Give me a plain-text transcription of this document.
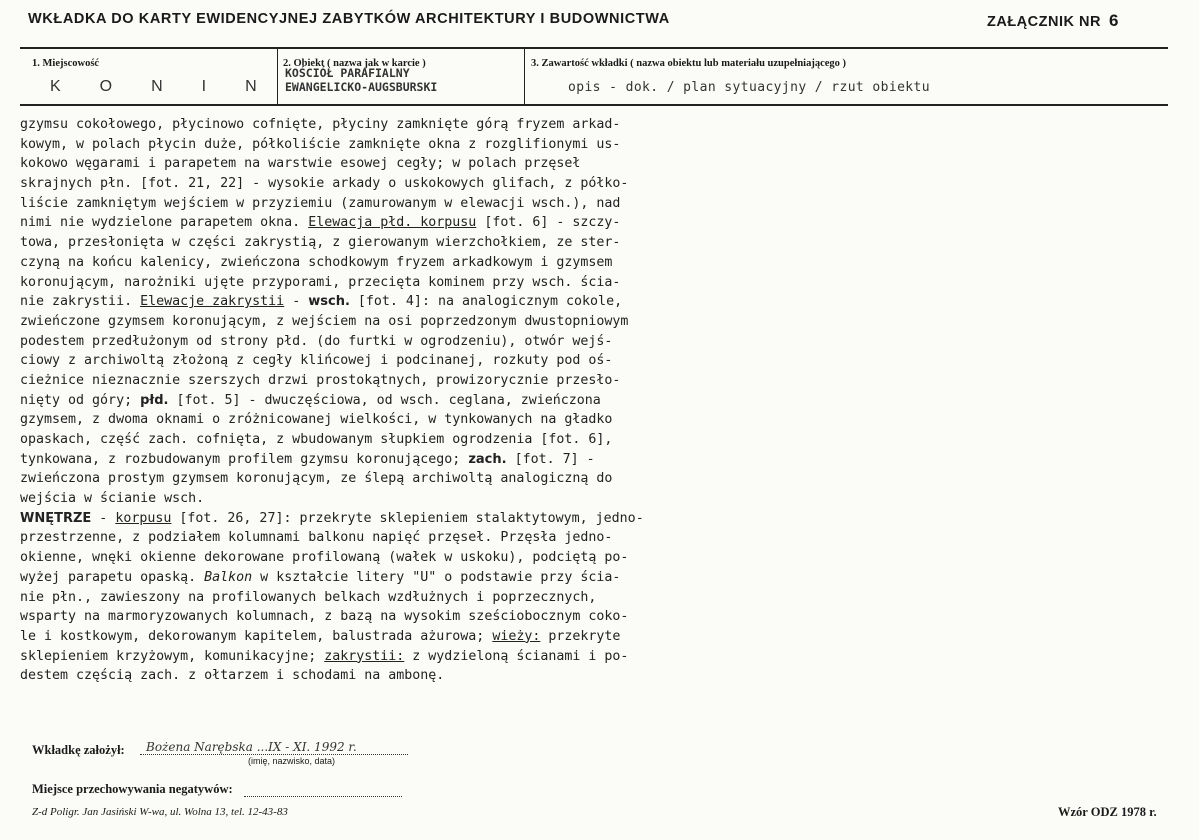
WKŁADKA DO KARTY EWIDENCYJNEJ ZABYTKÓW ARCHITEKTURY I BUDOWNICTWA	ZAŁĄCZNIK NR 6
1. Miejscowość
KONIN
2. Obiekt ( nazwa jak w karcie )
KOŚCIÓŁ PARAFIALNY
EWANGELICKO-AUGSBURSKI
3. Zawartość wkładki ( nazwa obiektu lub materiału uzupełniającego )
opis - dok. / plan sytuacyjny / rzut obiektu
gzymsu cokołowego, płycinowo cofnięte, płyciny zamknięte górą fryzem arkad-
kowym, w polach płycin duże, półkoliście zamknięte okna z rozglifionymi us-
kokowo węgarami i parapetem na warstwie esowej cegły; w polach przęseł
skrajnych płn. [fot. 21, 22] - wysokie arkady o uskokowych glifach, z półko-
liście zamkniętym wejściem w przyziemiu (zamurowanym w elewacji wsch.), nad
nimi nie wydzielone parapetem okna. Elewacja płd. korpusu [fot. 6] - szczy-
towa, przesłonięta w części zakrystią, z gierowanym wierzchołkiem, ze ster-
czyną na końcu kalenicy, zwieńczona schodkowym fryzem arkadkowym i gzymsem
koronującym, narożniki ujęte przyporami, przecięta kominem przy wsch. ścia-
nie zakrystii. Elewacje zakrystii - wsch. [fot. 4]: na analogicznym cokole,
zwieńczone gzymsem koronującym, z wejściem na osi poprzedzonym dwustopniowym
podestem przedłużonym od strony płd. (do furtki w ogrodzeniu), otwór wejś-
ciowy z archiwoltą złożoną z cegły klińcowej i podcinanej, rozkuty pod oś-
cieżnice nieznacznie szerszych drzwi prostokątnych, prowizorycznie przesło-
nięty od góry; płd. [fot. 5] - dwuczęściowa, od wsch. ceglana, zwieńczona
gzymsem, z dwoma oknami o zróżnicowanej wielkości, w tynkowanych na gładko
opaskach, część zach. cofnięta, z wbudowanym słupkiem ogrodzenia [fot. 6],
tynkowana, z rozbudowanym profilem gzymsu koronującego; zach. [fot. 7] -
zwieńczona prostym gzymsem koronującym, ze ślepą archiwoltą analogiczną do
wejścia w ścianie wsch.
WNĘTRZE - korpusu [fot. 26, 27]: przekryte sklepieniem stalaktytowym, jedno-
przestrzenne, z podziałem kolumnami balkonu napięć przęseł. Przęsła jedno-
okienne, wnęki okienne dekorowane profilowaną (wałek w uskoku), podciętą po-
wyżej parapetu opaską. Balkon w kształcie litery "U" o podstawie przy ścia-
nie płn., zawieszony na profilowanych belkach wzdłużnych i poprzecznych,
wsparty na marmoryzowanych kolumnach, z bazą na wysokim sześciobocznym coko-
le i kostkowym, dekorowanym kapitelem, balustrada ażurowa; wieży: przekryte
sklepieniem krzyżowym, komunikacyjne; zakrystii: z wydzieloną ścianami i po-
destem częścią zach. z ołtarzem i schodami na ambonę.
Wkładkę założył:	Bożena Narębska ...IX - XI. 1992 r.
(imię, nazwisko, data)
Miejsce przechowywania negatywów:
Z-d Poligr. Jan Jasiński W-wa, ul. Wolna 13, tel. 12-43-83	Wzór ODZ 1978 r.
